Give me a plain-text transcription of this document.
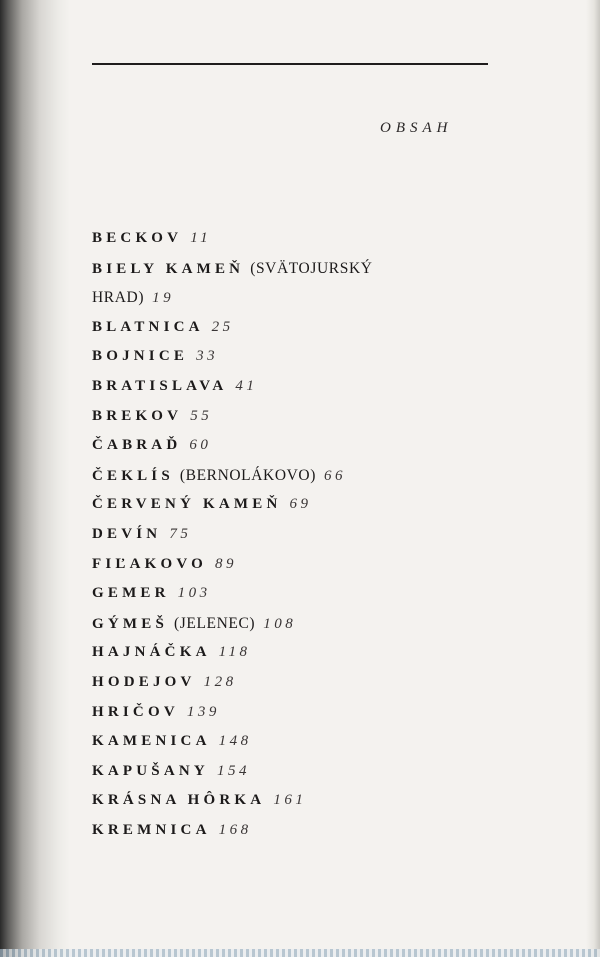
OBSAH
BECKOV 11
BIELY KAMEŇ (SVÄTOJURSKÝ
HRAD) 19
BLATNICA 25
BOJNICE 33
BRATISLAVA 41
BREKOV 55
ČABRAĎ 60
ČEKLÍS (BERNOLÁKOVO) 66
ČERVENÝ KAMEŇ 69
DEVÍN 75
FIĽAKOVO 89
GEMER 103
GÝMEŠ (JELENEC) 108
HAJNÁČKA 118
HODEJOV 128
HRIČOV 139
KAMENICA 148
KAPUŠANY 154
KRÁSNA HÔRKA 161
KREMNICA 168
